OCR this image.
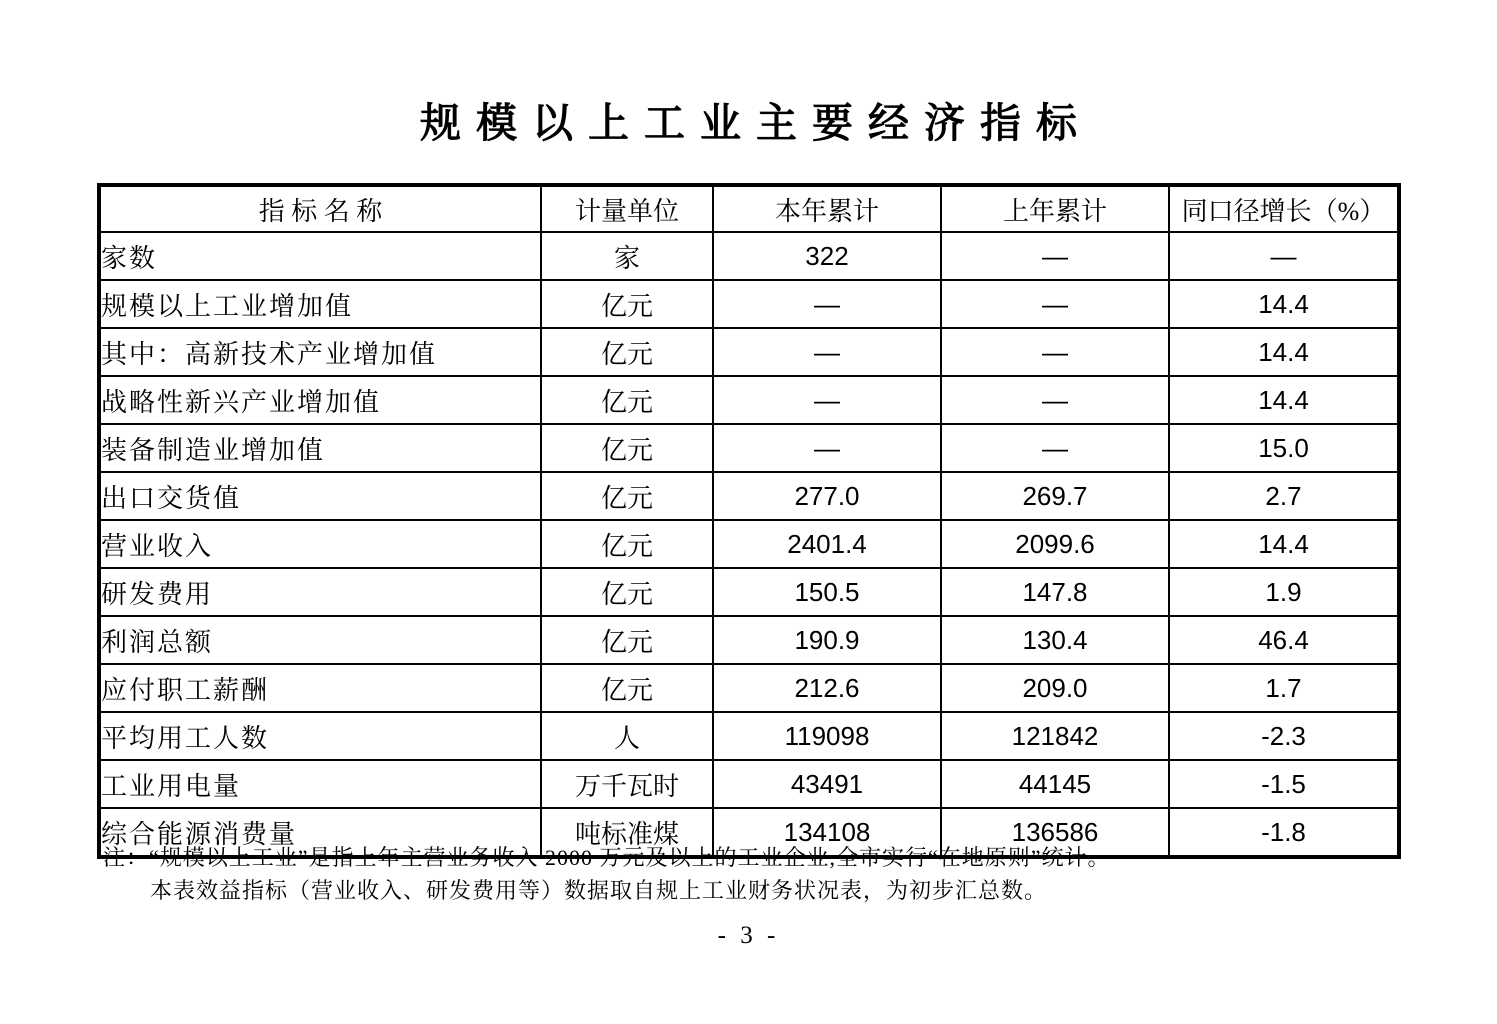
规模以上工业主要经济指标
指 标 名 称	计量单位	本年累计	上年累计	同口径增长（%）
家数	家	322	—	—
规模以上工业增加值	亿元	—	—	14.4
其中：高新技术产业增加值	亿元	—	—	14.4
战略性新兴产业增加值	亿元	—	—	14.4
装备制造业增加值	亿元	—	—	15.0
出口交货值	亿元	277.0	269.7	2.7
营业收入	亿元	2401.4	2099.6	14.4
研发费用	亿元	150.5	147.8	1.9
利润总额	亿元	190.9	130.4	46.4
应付职工薪酬	亿元	212.6	209.0	1.7
平均用工人数	人	119098	121842	-2.3
工业用电量	万千瓦时	43491	44145	-1.5
综合能源消费量	吨标准煤	134108	136586	-1.8
注：“规模以上工业”是指上年主营业务收入 2000 万元及以上的工业企业,全市实行“在地原则”统计。
本表效益指标（营业收入、研发费用等）数据取自规上工业财务状况表，为初步汇总数。
- 3 -
